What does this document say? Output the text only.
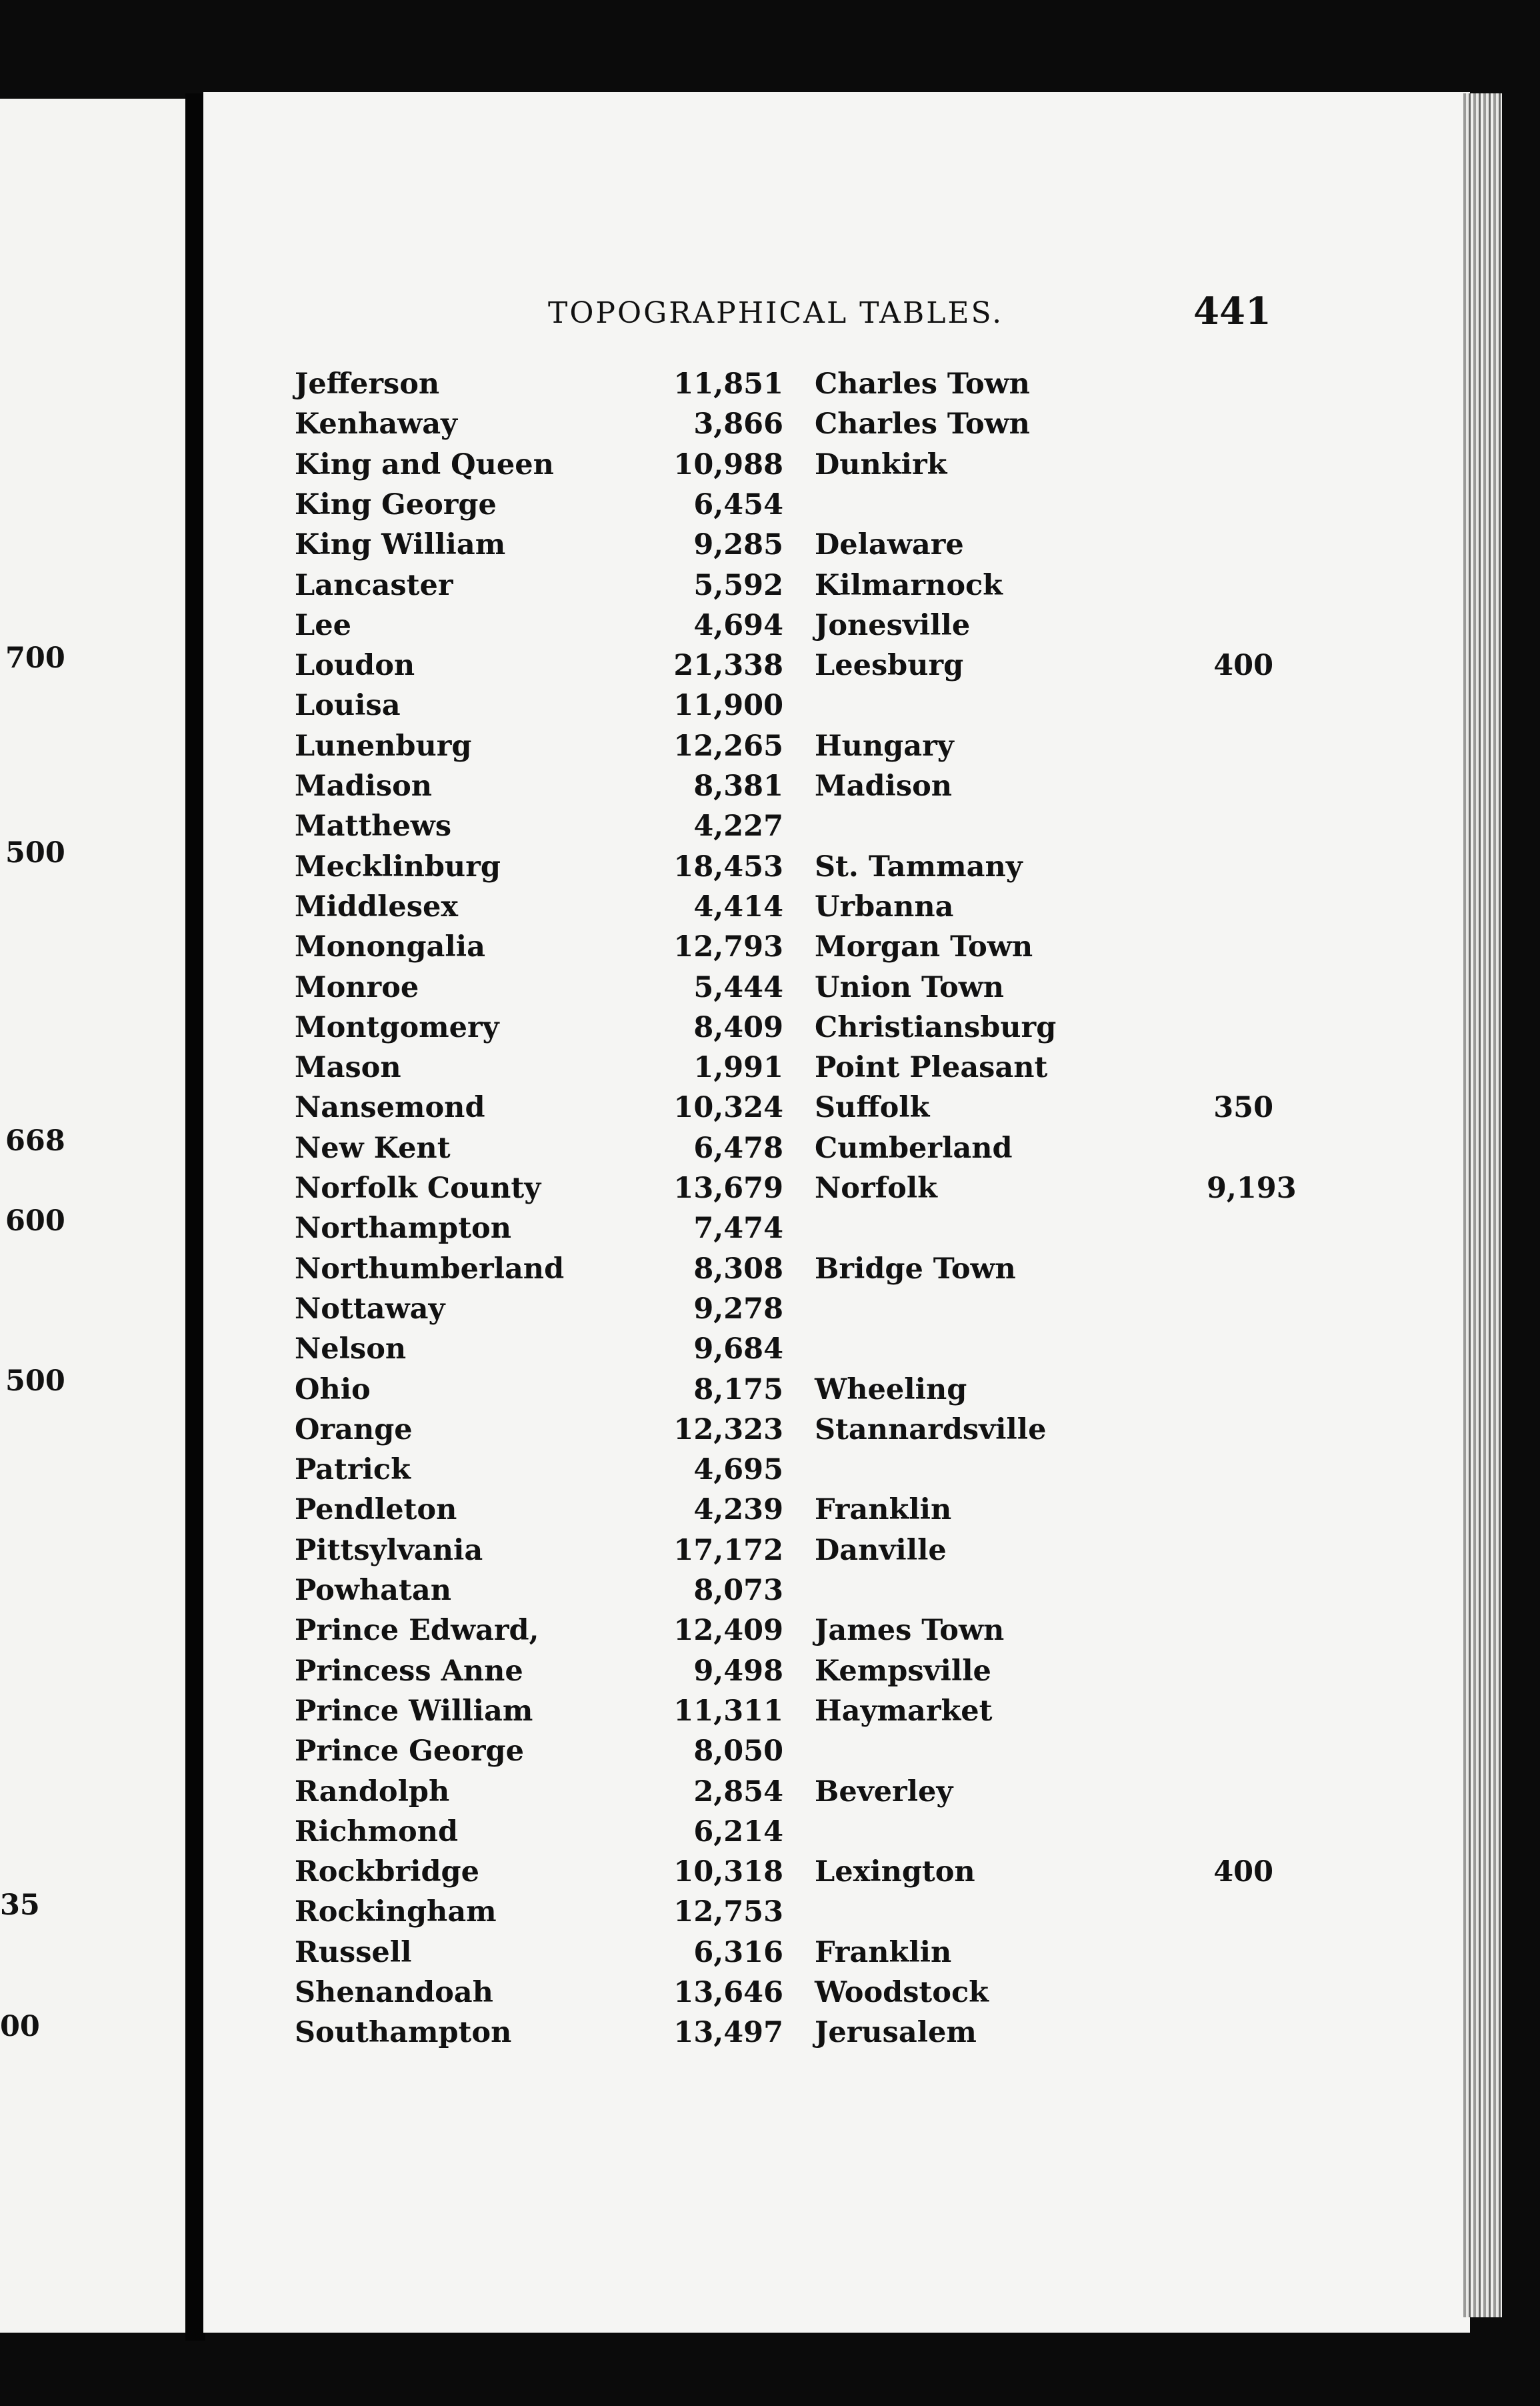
TOPOGRAPHICAL TABLES.	441
700
500
668
600
500
35
00
Jefferson	11,851 Charles Town
Kenhaway	3,866 Charles Town
King and Queen	10,988 Dunkirk
King George	6,454
King William	9,285 Delaware
Lancaster	5,592 Kilmarnock
Lee	4,694 Jonesville
Loudon	21,338 Leesburg	400
Louisa	11,900
Lunenburg	12,265 Hungary
Madison	8,381 Madison
Matthews	4,227
Mecklinburg	18,453 St. Tammany
Middlesex	4,414 Urbanna
Monongalia	12,793 Morgan Town
Monroe	5,444 Union Town
Montgomery	8,409 Christiansburg
Mason	1,991 Point Pleasant
Nansemond	10,324 Suffolk	350
New Kent	6,478 Cumberland
Norfolk County	13,679 Norfolk	9,193
Northampton	7,474
Northumberland	8,308 Bridge Town
Nottaway	9,278
Nelson	9,684
Ohio	8,175 Wheeling
Orange	12,323 Stannardsville
Patrick	4,695
Pendleton	4,239 Franklin
Pittsylvania	17,172 Danville
Powhatan	8,073
Prince Edward,	12,409 James Town
Princess Anne	9,498 Kempsville
Prince William	11,311 Haymarket
Prince George	8,050
Randolph	2,854 Beverley
Richmond	6,214
Rockbridge	10,318 Lexington	400
Rockingham	12,753
Russell	6,316 Franklin
Shenandoah	13,646 Woodstock
Southampton	13,497 Jerusalem
